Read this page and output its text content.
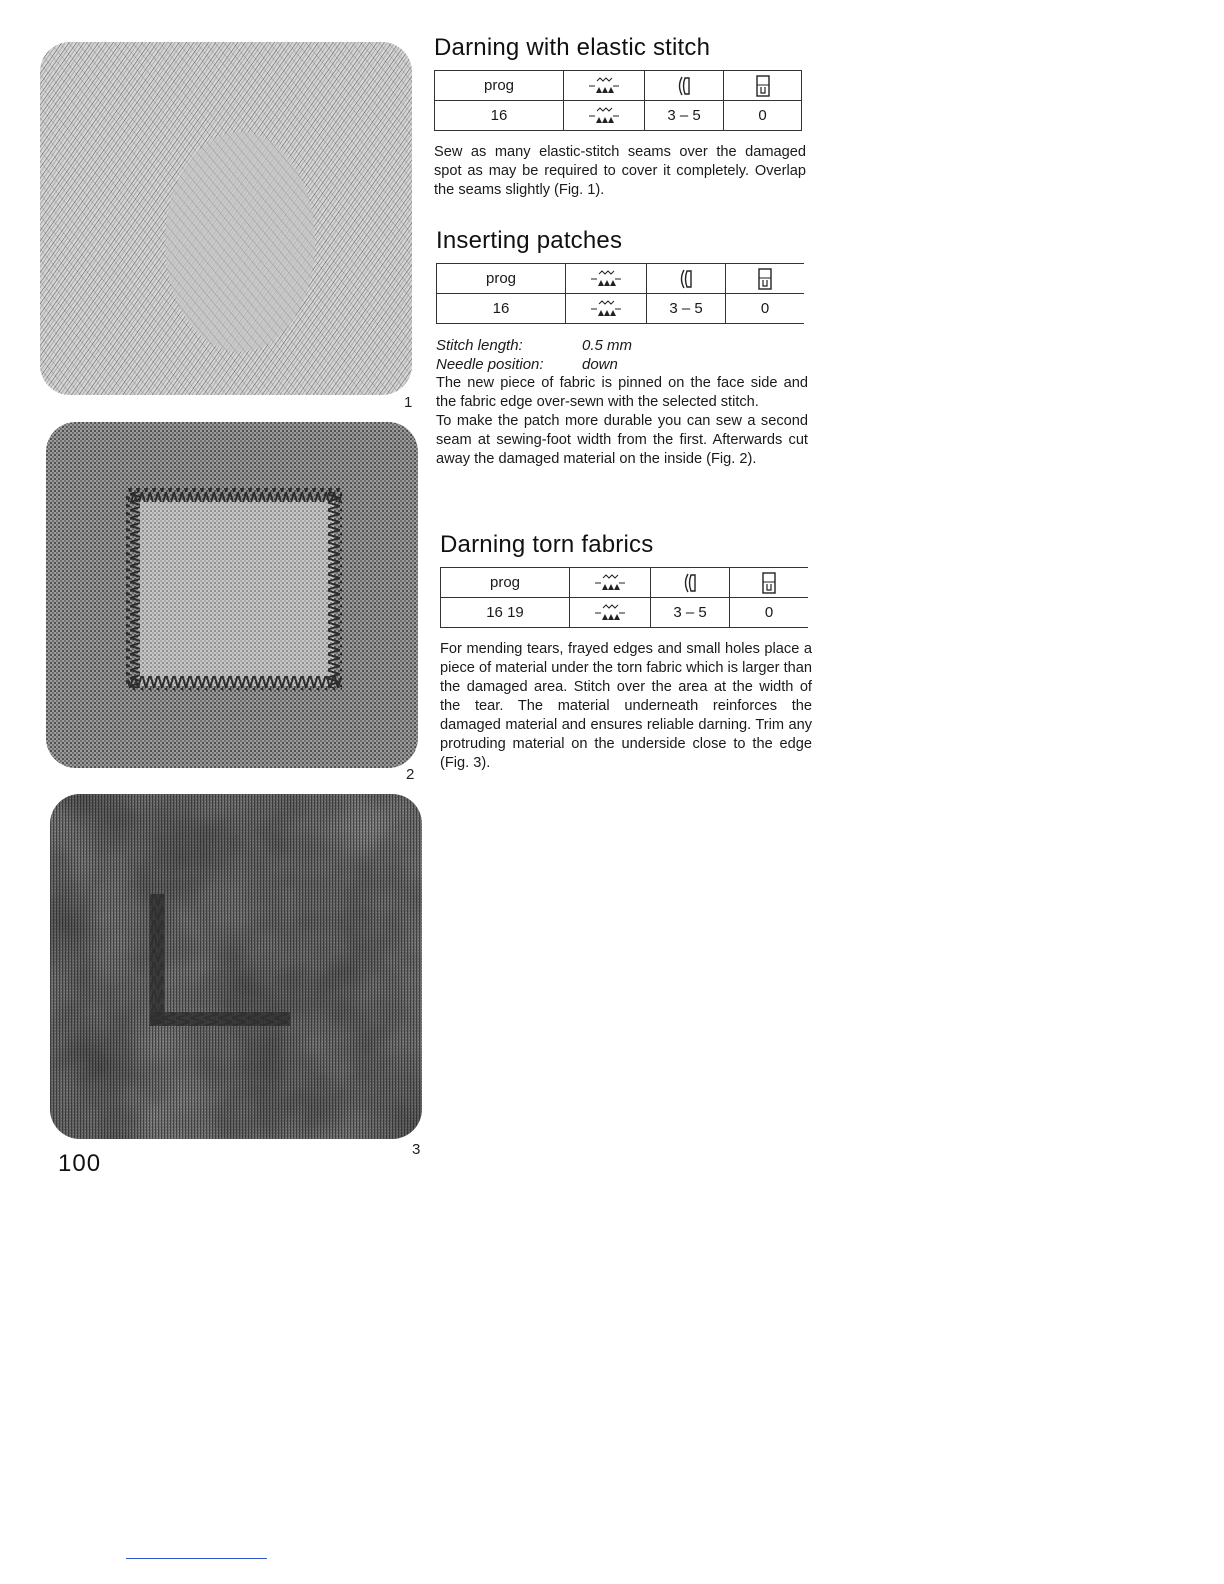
1
2
3
100
Darning with elastic stitch
prog			
16		3 – 5	0

Sew as many elastic-stitch seams over the damaged spot as may be required to cover it completely. Overlap the seams slightly (Fig. 1).

Inserting patches
prog			
16		3 – 5	0
Stitch length:	0.5 mm
Needle position:	down

The new piece of fabric is pinned on the face side and the fabric edge over-sewn with the selected stitch.

To make the patch more durable you can sew a second seam at sewing-foot width from the first. Afterwards cut away the damaged material on the inside (Fig. 2).

Darning torn fabrics
prog			
16 19		3 – 5	0

For mending tears, frayed edges and small holes place a piece of material under the torn fabric which is larger than the damaged area. Stitch over the area at the width of the tear. The material underneath reinforces the damaged material and ensures reliable darning. Trim any protruding material on the underside close to the edge (Fig. 3).
